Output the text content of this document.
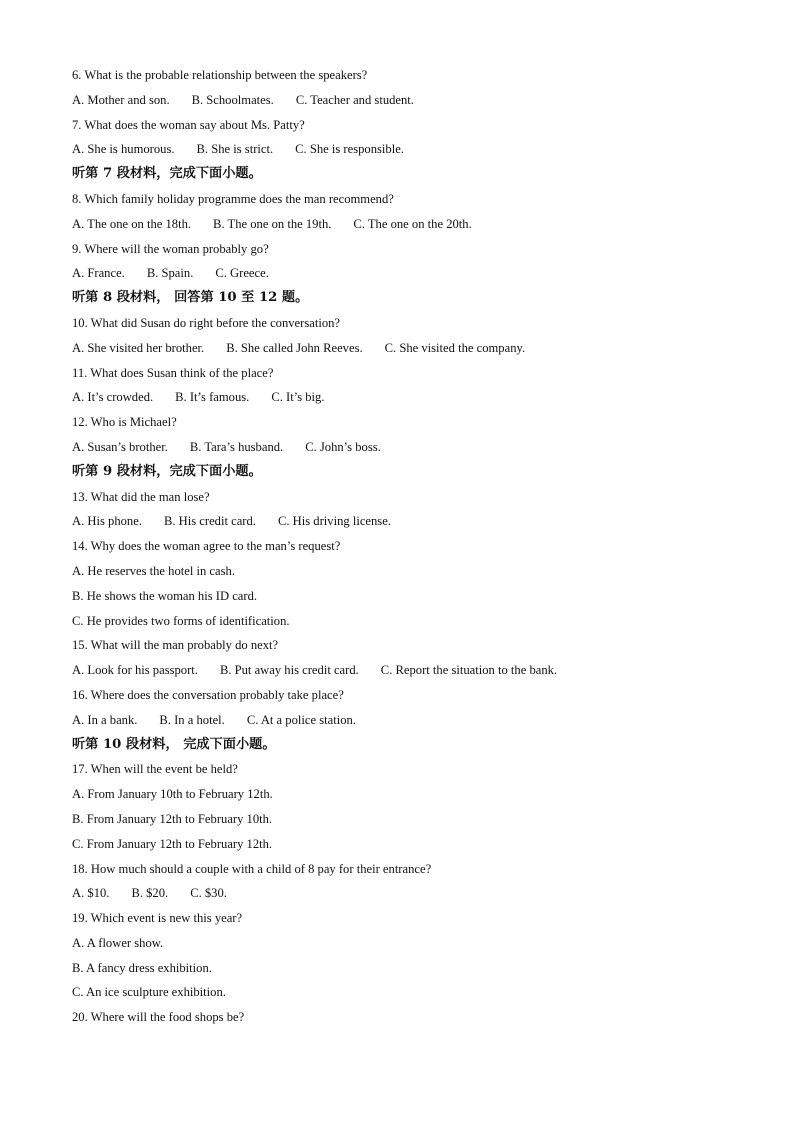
6. What is the probable relationship between the speakers?
A. Mother and son. B. Schoolmates. C. Teacher and student.
7. What does the woman say about Ms. Patty?
A. She is humorous. B. She is strict. C. She is responsible.
听第 7 段材料，完成下面小题。
8. Which family holiday programme does the man recommend?
A. The one on the 18th. B. The one on the 19th. C. The one on the 20th.
9. Where will the woman probably go?
A. France. B. Spain. C. Greece.
听第 8 段材料， 回答第 10 至 12 题。
10. What did Susan do right before the conversation?
A. She visited her brother. B. She called John Reeves. C. She visited the company.
11. What does Susan think of the place?
A. It’s crowded. B. It’s famous. C. It’s big.
12. Who is Michael?
A. Susan’s brother. B. Tara’s husband. C. John’s boss.
听第 9 段材料，完成下面小题。
13. What did the man lose?
A. His phone. B. His credit card. C. His driving license.
14. Why does the woman agree to the man’s request?
A. He reserves the hotel in cash.
B. He shows the woman his ID card.
C. He provides two forms of identification.
15. What will the man probably do next?
A. Look for his passport. B. Put away his credit card. C. Report the situation to the bank.
16. Where does the conversation probably take place?
A. In a bank. B. In a hotel. C. At a police station.
听第 10 段材料， 完成下面小题。
17. When will the event be held?
A. From January 10th to February 12th.
B. From January 12th to February 10th.
C. From January 12th to February 12th.
18. How much should a couple with a child of 8 pay for their entrance?
A. $10. B. $20. C. $30.
19. Which event is new this year?
A. A flower show.
B. A fancy dress exhibition.
C. An ice sculpture exhibition.
20. Where will the food shops be?
